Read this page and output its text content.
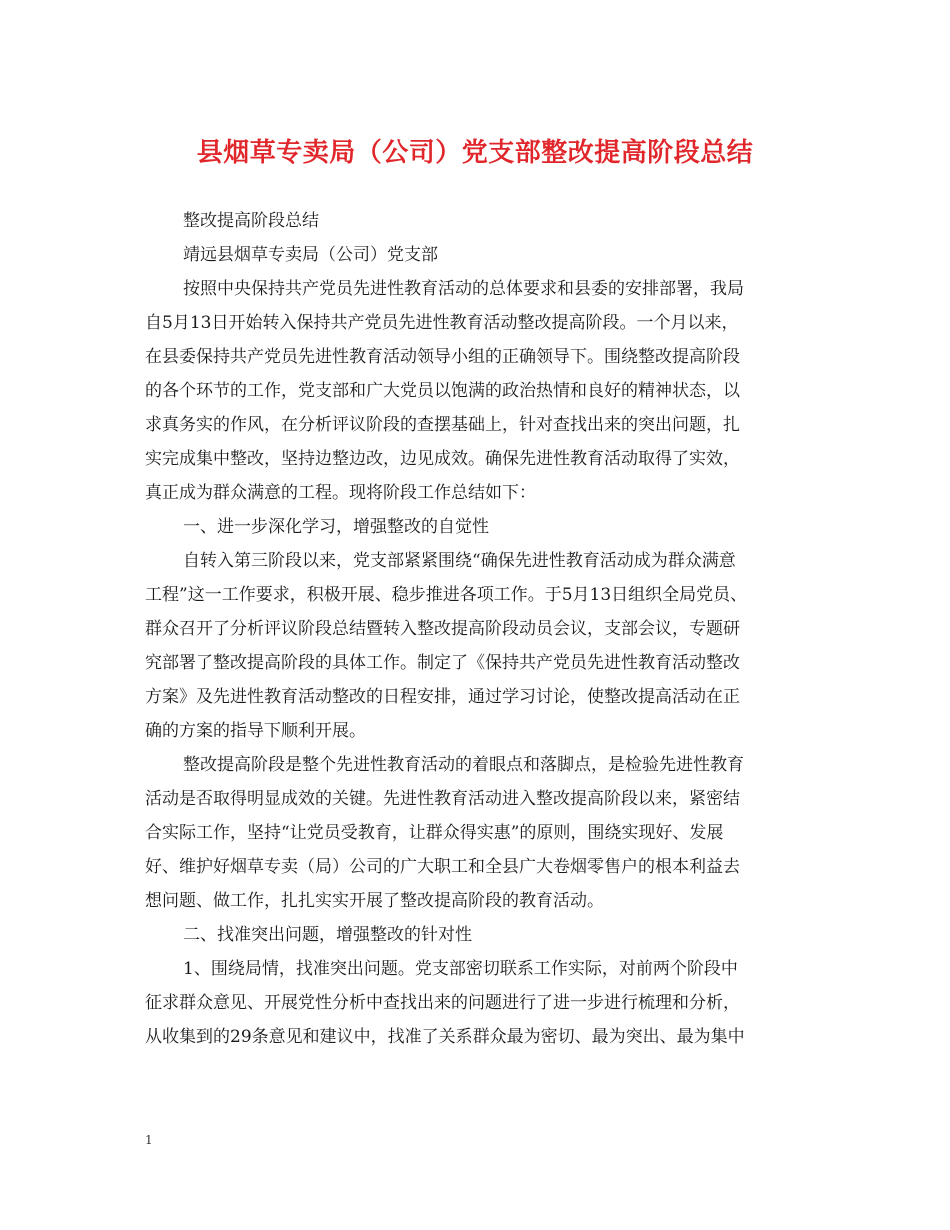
县烟草专卖局（公司）党支部整改提高阶段总结
整改提高阶段总结
靖远县烟草专卖局（公司）党支部
按照中央保持共产党员先进性教育活动的总体要求和县委的安排部署，我局
自5月13日开始转入保持共产党员先进性教育活动整改提高阶段。一个月以来，
在县委保持共产党员先进性教育活动领导小组的正确领导下。围绕整改提高阶段
的各个环节的工作，党支部和广大党员以饱满的政治热情和良好的精神状态，以
求真务实的作风，在分析评议阶段的查摆基础上，针对查找出来的突出问题，扎
实完成集中整改，坚持边整边改，边见成效。确保先进性教育活动取得了实效，
真正成为群众满意的工程。现将阶段工作总结如下：
一、进一步深化学习，增强整改的自觉性
自转入第三阶段以来，党支部紧紧围绕“确保先进性教育活动成为群众满意
工程”这一工作要求，积极开展、稳步推进各项工作。于5月13日组织全局党员、
群众召开了分析评议阶段总结暨转入整改提高阶段动员会议，支部会议，专题研
究部署了整改提高阶段的具体工作。制定了《保持共产党员先进性教育活动整改
方案》及先进性教育活动整改的日程安排，通过学习讨论，使整改提高活动在正
确的方案的指导下顺利开展。
整改提高阶段是整个先进性教育活动的着眼点和落脚点，是检验先进性教育
活动是否取得明显成效的关键。先进性教育活动进入整改提高阶段以来，紧密结
合实际工作，坚持“让党员受教育，让群众得实惠”的原则，围绕实现好、发展
好、维护好烟草专卖（局）公司的广大职工和全县广大卷烟零售户的根本利益去
想问题、做工作，扎扎实实开展了整改提高阶段的教育活动。
二、找准突出问题，增强整改的针对性
1、围绕局情，找准突出问题。党支部密切联系工作实际，对前两个阶段中
征求群众意见、开展党性分析中查找出来的问题进行了进一步进行梳理和分析，
从收集到的29条意见和建议中，找准了关系群众最为密切、最为突出、最为集中
1
